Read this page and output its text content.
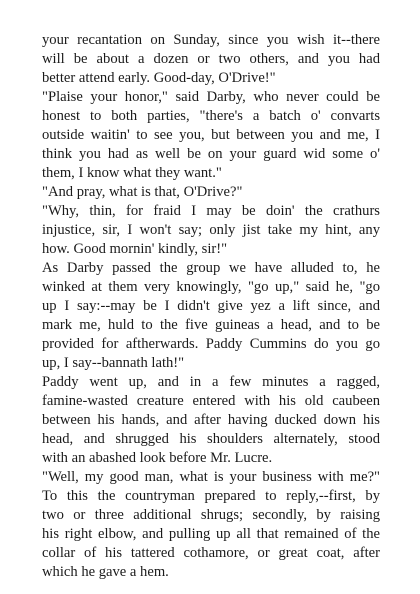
your recantation on Sunday, since you wish it--there
will be about a dozen or two others, and you had
better attend early. Good-day, O'Drive!"
"Plaise your honor," said Darby, who never could be
honest to both parties, "there's a batch o' convarts
outside waitin' to see you, but between you and me, I
think you had as well be on your guard wid some o'
them, I know what they want."
"And pray, what is that, O'Drive?"
"Why, thin, for fraid I may be doin' the crathurs
injustice, sir, I won't say; only jist take my hint, any
how. Good mornin' kindly, sir!"
As Darby passed the group we have alluded to, he
winked at them very knowingly, "go up," said he, "go
up I say:--may be I didn't give yez a lift since, and
mark me, huld to the five guineas a head, and to be
provided for aftherwards. Paddy Cummins do you go
up, I say--bannath lath!"
Paddy went up, and in a few minutes a ragged,
famine-wasted creature entered with his old caubeen
between his hands, and after having ducked down his
head, and shrugged his shoulders alternately, stood
with an abashed look before Mr. Lucre.
"Well, my good man, what is your business with me?"
To this the countryman prepared to reply,--first, by
two or three additional shrugs; secondly, by raising
his right elbow, and pulling up all that remained of the
collar of his tattered cothamore, or great coat, after
which he gave a hem.
